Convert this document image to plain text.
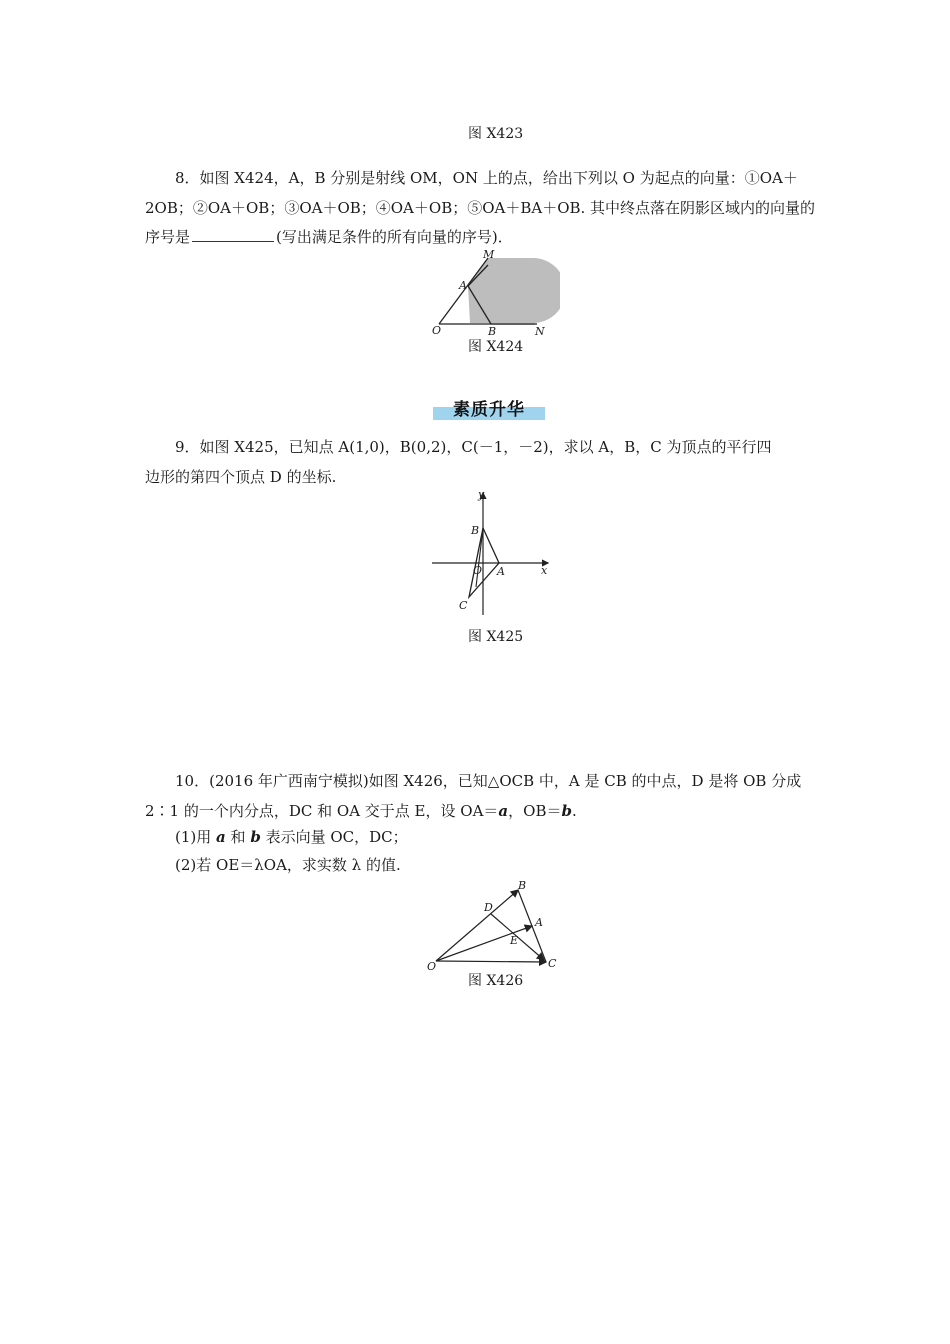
图 X423
8．如图 X424，A，B 分别是射线 OM，ON 上的点，给出下列以 O 为起点的向量：①OA＋
2OB；②OA＋OB；③OA＋OB；④OA＋OB；⑤OA＋BA＋OB. 其中终点落在阴影区域内的向量的
序号是	(写出满足条件的所有向量的序号)．
M
A
O	B	N
图 X424
素质升华
9．如图 X425，已知点 A(1,0)，B(0,2)，C(－1，－2)，求以 A，B，C 为顶点的平行四
边形的第四个顶点 D 的坐标.
y
B
O A	x
C
图 X425
10．(2016 年广西南宁模拟)如图 X426，已知△OCB 中，A 是 CB 的中点，D 是将 OB 分成
2∶1 的一个内分点，DC 和 OA 交于点 E，设 OA＝a，OB＝b.
(1)用 a 和 b 表示向量 OC，DC；
(2)若 OE＝λOA，求实数 λ 的值.
B
D
A
E
O	C
图 X426
